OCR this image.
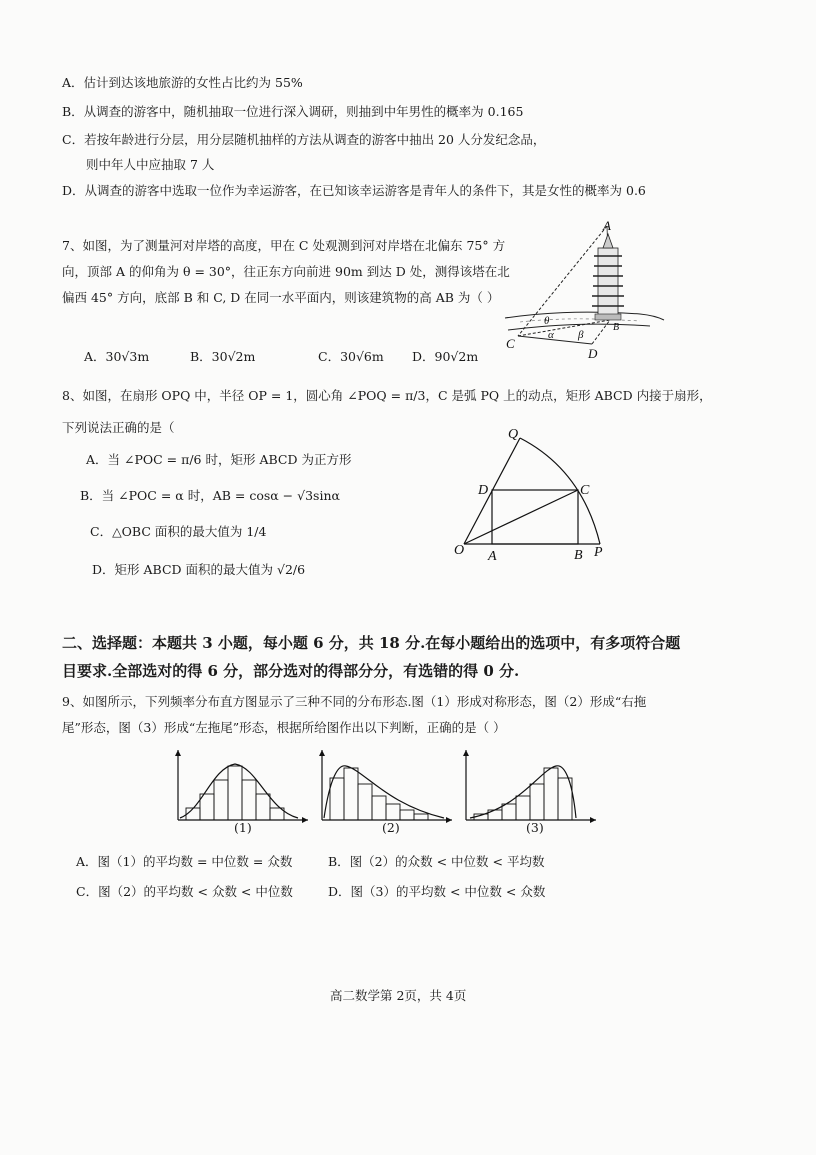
A．估计到达该地旅游的女性占比约为 55%
B．从调查的游客中，随机抽取一位进行深入调研，则抽到中年男性的概率为 0.165
C．若按年龄进行分层，用分层随机抽样的方法从调查的游客中抽出 20 人分发纪念品，
则中年人中应抽取 7 人
D．从调查的游客中选取一位作为幸运游客，在已知该幸运游客是青年人的条件下，其是女性的概率为 0.6
7、如图，为了测量河对岸塔的高度，甲在 C 处观测到河对岸塔在北偏东 75° 方
向，顶部 A 的仰角为 θ = 30°，往正东方向前进 90m 到达 D 处，测得该塔在北
偏西 45° 方向，底部 B 和 C, D 在同一水平面内，则该建筑物的高 AB 为（ ）
A．30√3m	B．30√2m	C．30√6m D．90√2m
A
C
D
B
θ
α β
8、如图，在扇形 OPQ 中，半径 OP = 1，圆心角 ∠POQ = π/3，C 是弧 PQ 上的动点，矩形 ABCD 内接于扇形，
下列说法正确的是（
A．当 ∠POC = π/6 时，矩形 ABCD 为正方形
B．当 ∠POC = α 时，AB = cosα − √3sinα
C．△OBC 面积的最大值为 1/4
D．矩形 ABCD 面积的最大值为 √2/6
Q
D	C
O A	B P
二、选择题：本题共 3 小题，每小题 6 分，共 18 分.在每小题给出的选项中，有多项符合题
目要求.全部选对的得 6 分，部分选对的得部分分，有选错的得 0 分.
9、如图所示，下列频率分布直方图显示了三种不同的分布形态.图（1）形成对称形态，图（2）形成“右拖
尾”形态，图（3）形成“左拖尾”形态，根据所给图作出以下判断，正确的是（ ）
(1)	(2)	(3)
A．图（1）的平均数 = 中位数 = 众数	B．图（2）的众数 < 中位数 < 平均数
C．图（2）的平均数 < 众数 < 中位数	D．图（3）的平均数 < 中位数 < 众数
高二数学第 2页，共 4页
